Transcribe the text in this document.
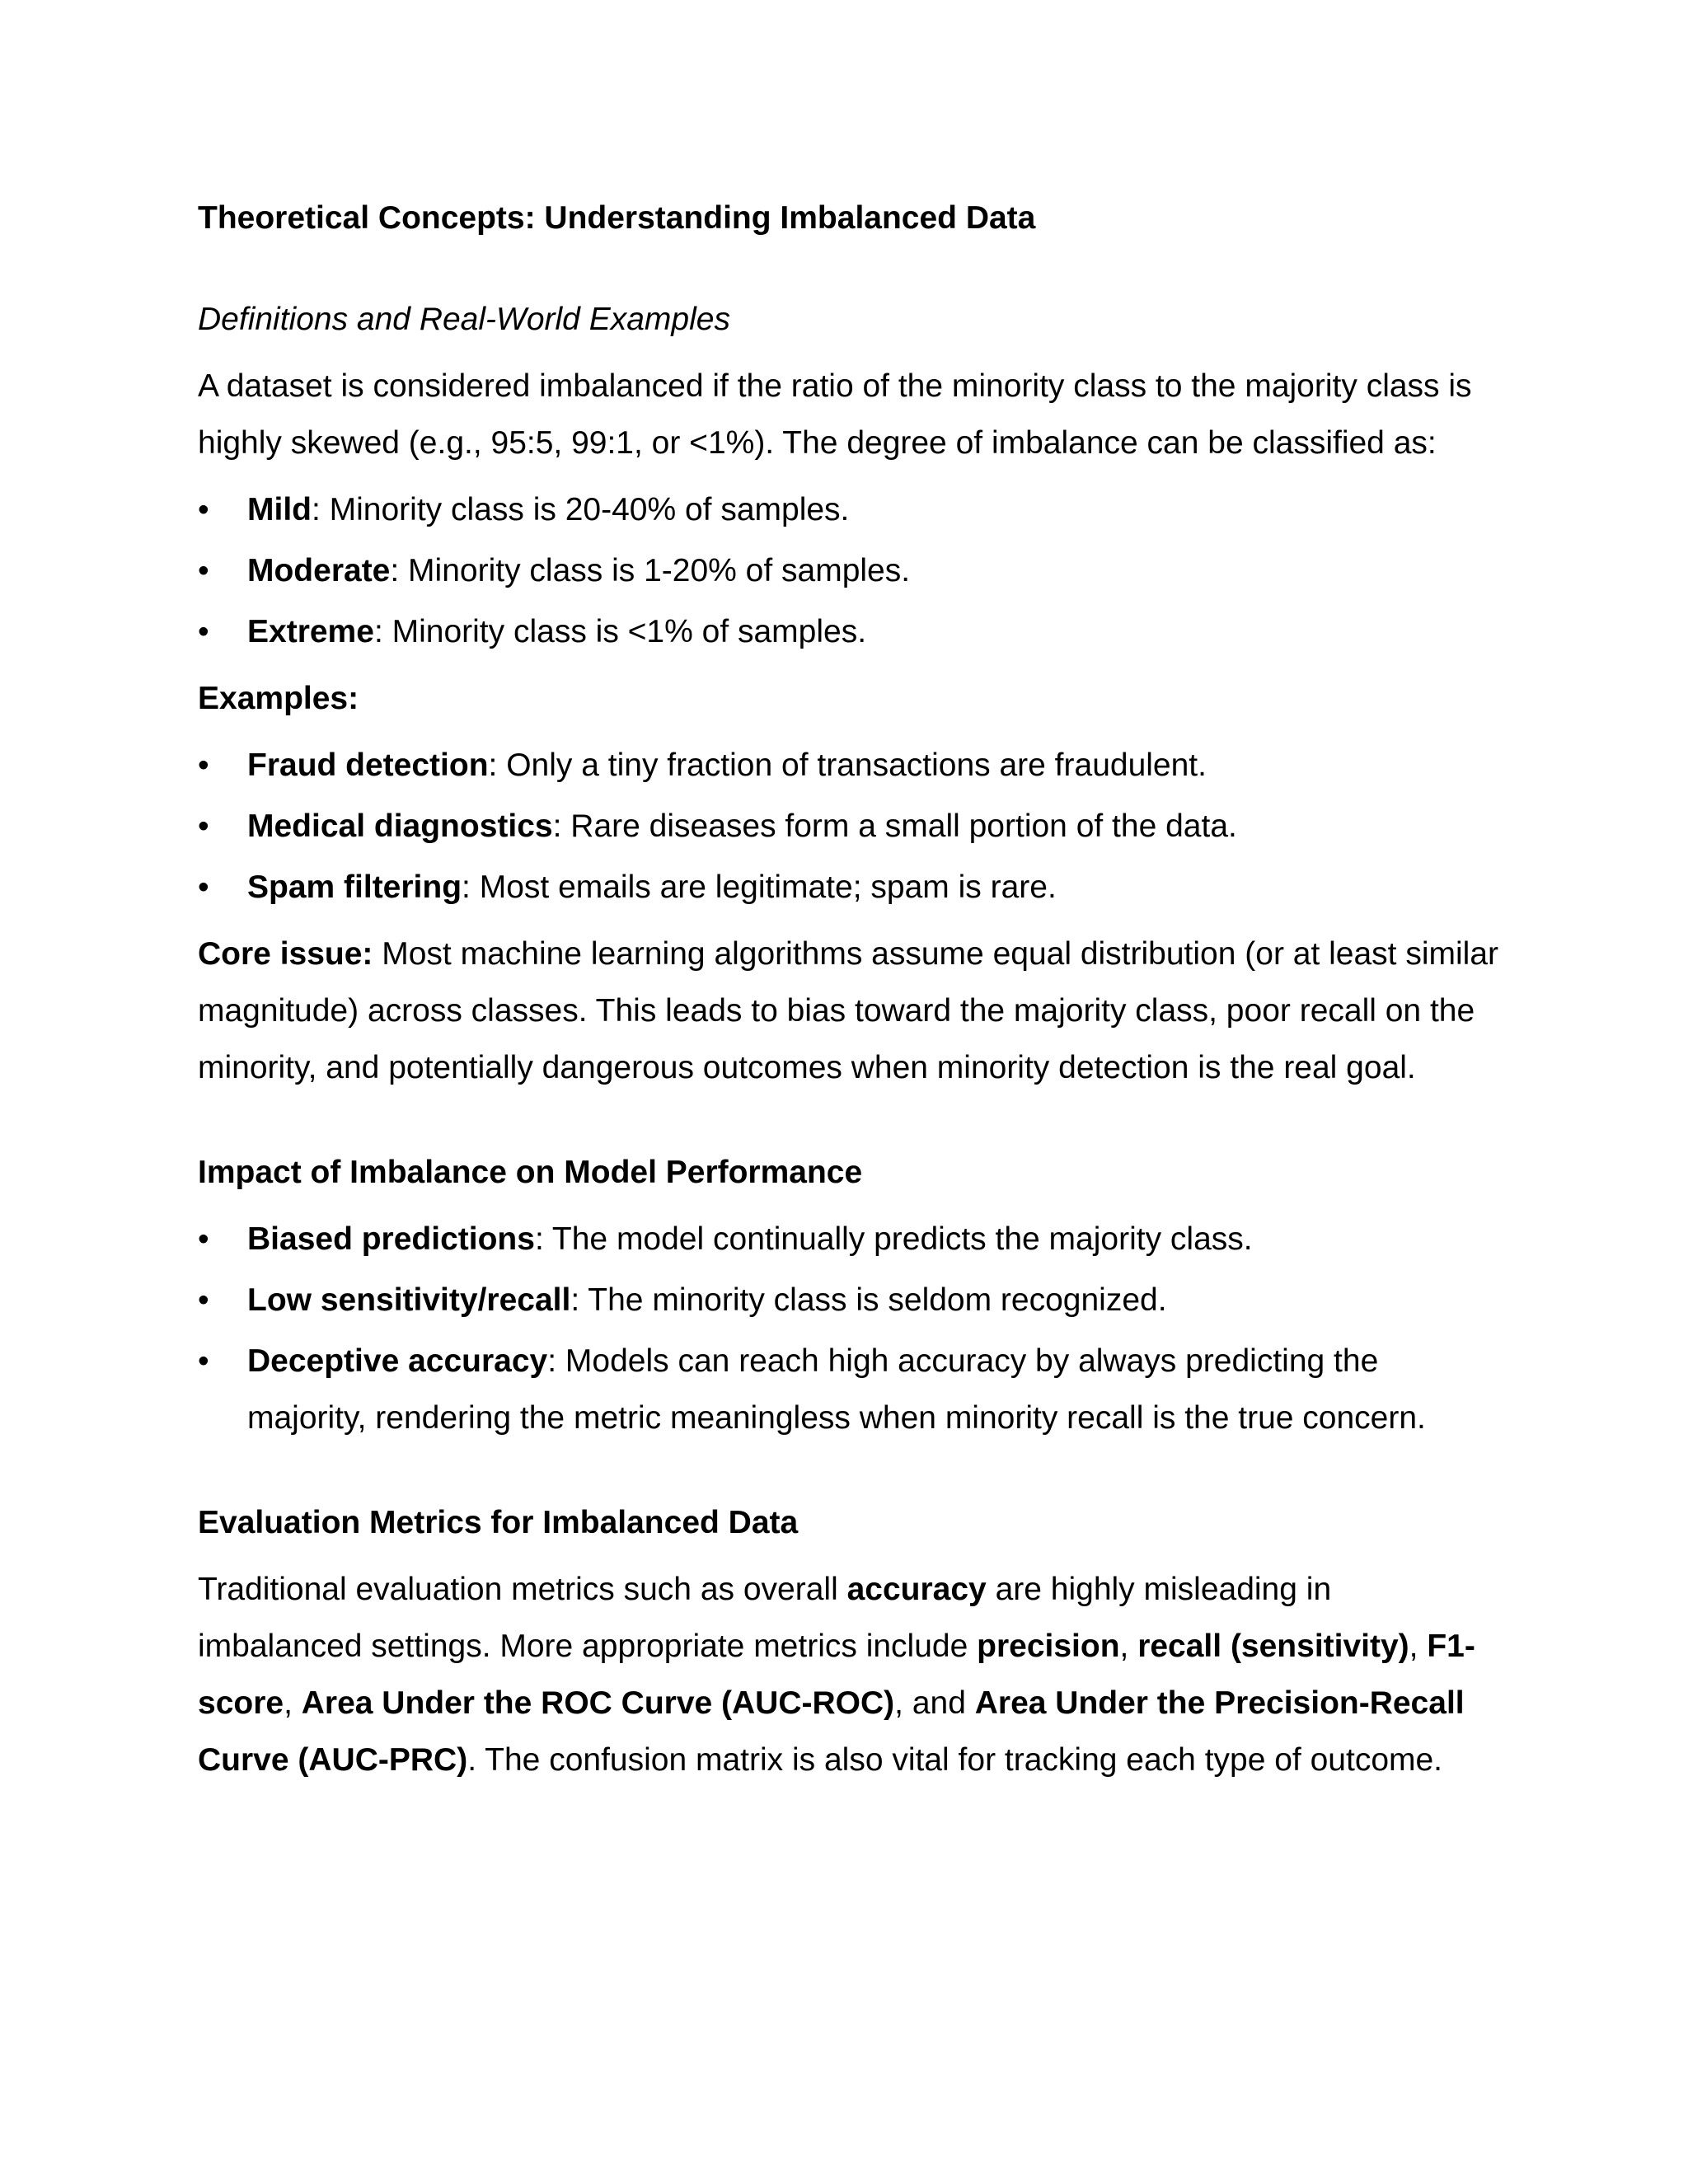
Theoretical Concepts: Understanding Imbalanced Data

Definitions and Real-World Examples

A dataset is considered imbalanced if the ratio of the minority class to the majority class is highly skewed (e.g., 95:5, 99:1, or <1%). The degree of imbalance can be classified as:

• Mild: Minority class is 20-40% of samples.
• Moderate: Minority class is 1-20% of samples.
• Extreme: Minority class is <1% of samples.

Examples:

• Fraud detection: Only a tiny fraction of transactions are fraudulent.
• Medical diagnostics: Rare diseases form a small portion of the data.
• Spam filtering: Most emails are legitimate; spam is rare.

Core issue: Most machine learning algorithms assume equal distribution (or at least similar magnitude) across classes. This leads to bias toward the majority class, poor recall on the minority, and potentially dangerous outcomes when minority detection is the real goal.

Impact of Imbalance on Model Performance

• Biased predictions: The model continually predicts the majority class.
• Low sensitivity/recall: The minority class is seldom recognized.
• Deceptive accuracy: Models can reach high accuracy by always predicting the majority, rendering the metric meaningless when minority recall is the true concern.

Evaluation Metrics for Imbalanced Data

Traditional evaluation metrics such as overall accuracy are highly misleading in imbalanced settings. More appropriate metrics include precision, recall (sensitivity), F1-score, Area Under the ROC Curve (AUC-ROC), and Area Under the Precision-Recall Curve (AUC-PRC). The confusion matrix is also vital for tracking each type of outcome.
